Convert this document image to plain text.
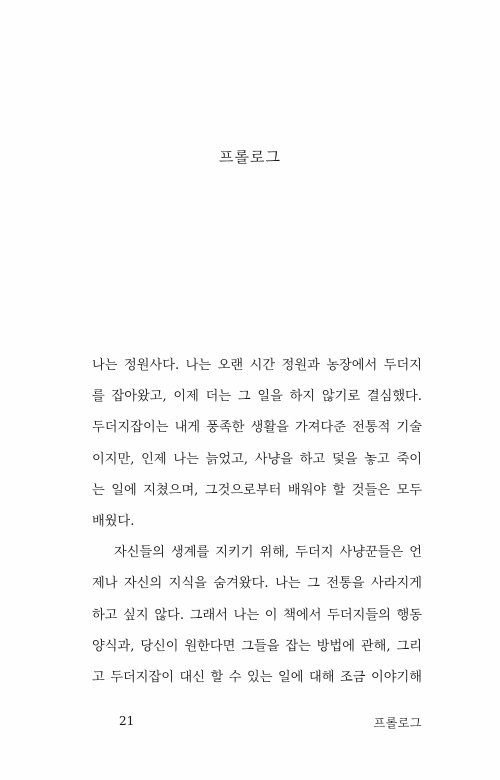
프롤로그
나는 정원사다. 나는 오랜 시간 정원과 농장에서 두더지
를 잡아왔고, 이제 더는 그 일을 하지 않기로 결심했다.
두더지잡이는 내게 풍족한 생활을 가져다준 전통적 기술
이지만, 인제 나는 늙었고, 사냥을 하고 덫을 놓고 죽이
는 일에 지쳤으며, 그것으로부터 배워야 할 것들은 모두
배웠다.
자신들의 생계를 지키기 위해, 두더지 사냥꾼들은 언
제나 자신의 지식을 숨겨왔다. 나는 그 전통을 사라지게
하고 싶지 않다. 그래서 나는 이 책에서 두더지들의 행동
양식과, 당신이 원한다면 그들을 잡는 방법에 관해, 그리
고 두더지잡이 대신 할 수 있는 일에 대해 조금 이야기해
21	프롤로그
